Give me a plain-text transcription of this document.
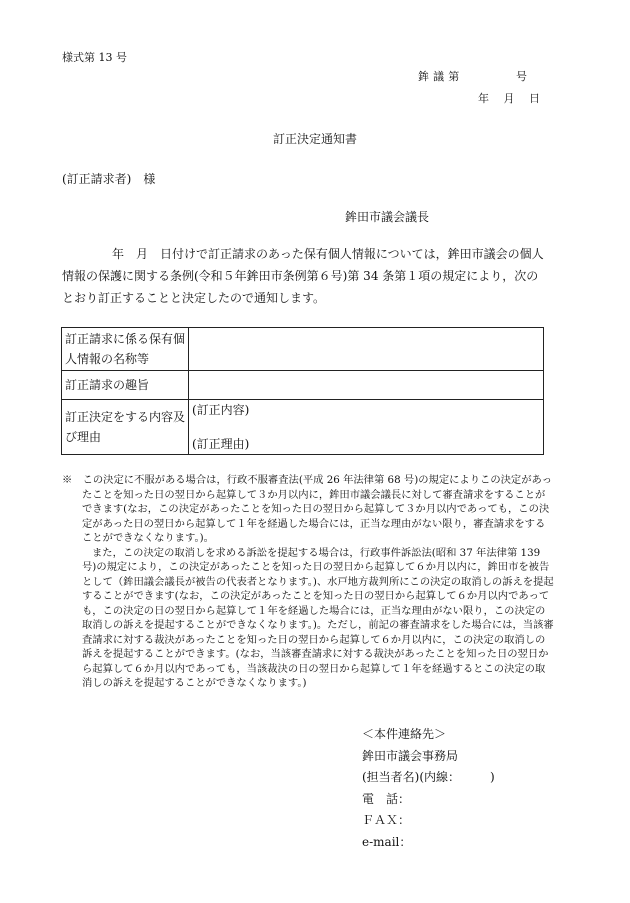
様式第 13 号
鉾 議 第　　　　　号
年　 月　 日
訂正決定通知書
(訂正請求者)　様
鉾田市議会議長
年　月　日付けで訂正請求のあった保有個人情報については，鉾田市議会の個人情報の保護に関する条例(令和５年鉾田市条例第６号)第 34 条第１項の規定により，次のとおり訂正することと決定したので通知します。
訂正請求に係る保有個人情報の名称等	
訂正請求の趣旨	
訂正決定をする内容及び理由	(訂正内容)
(訂正理由)

※　この決定に不服がある場合は，行政不服審査法(平成 26 年法律第 68 号)の規定によりこの決定があったことを知った日の翌日から起算して３か月以内に，鉾田市議会議長に対して審査請求をすることができます(なお，この決定があったことを知った日の翌日から起算して３か月以内であっても，この決定があった日の翌日から起算して１年を経過した場合には，正当な理由がない限り，審査請求をすることができなくなります。)。

また，この決定の取消しを求める訴訟を提起する場合は，行政事件訴訟法(昭和 37 年法律第 139 号)の規定により，この決定があったことを知った日の翌日から起算して６か月以内に，鉾田市を被告として（鉾田議会議長が被告の代表者となります。)、水戸地方裁判所にこの決定の取消しの訴えを提起することができます(なお，この決定があったことを知った日の翌日から起算して６か月以内であっても，この決定の日の翌日から起算して１年を経過した場合には，正当な理由がない限り，この決定の取消しの訴えを提起することができなくなります。)。ただし，前記の審査請求をした場合には，当該審査請求に対する裁決があったことを知った日の翌日から起算して６か月以内に，この決定の取消しの訴えを提起することができます。(なお，当該審査請求に対する裁決があったことを知った日の翌日から起算して６か月以内であっても，当該裁決の日の翌日から起算して１年を経過するとこの決定の取消しの訴えを提起することができなくなります。)

＜本件連絡先＞
鉾田市議会事務局
(担当者名)(内線：　　　)
電　話：
ＦＡＸ：
e-mail：
